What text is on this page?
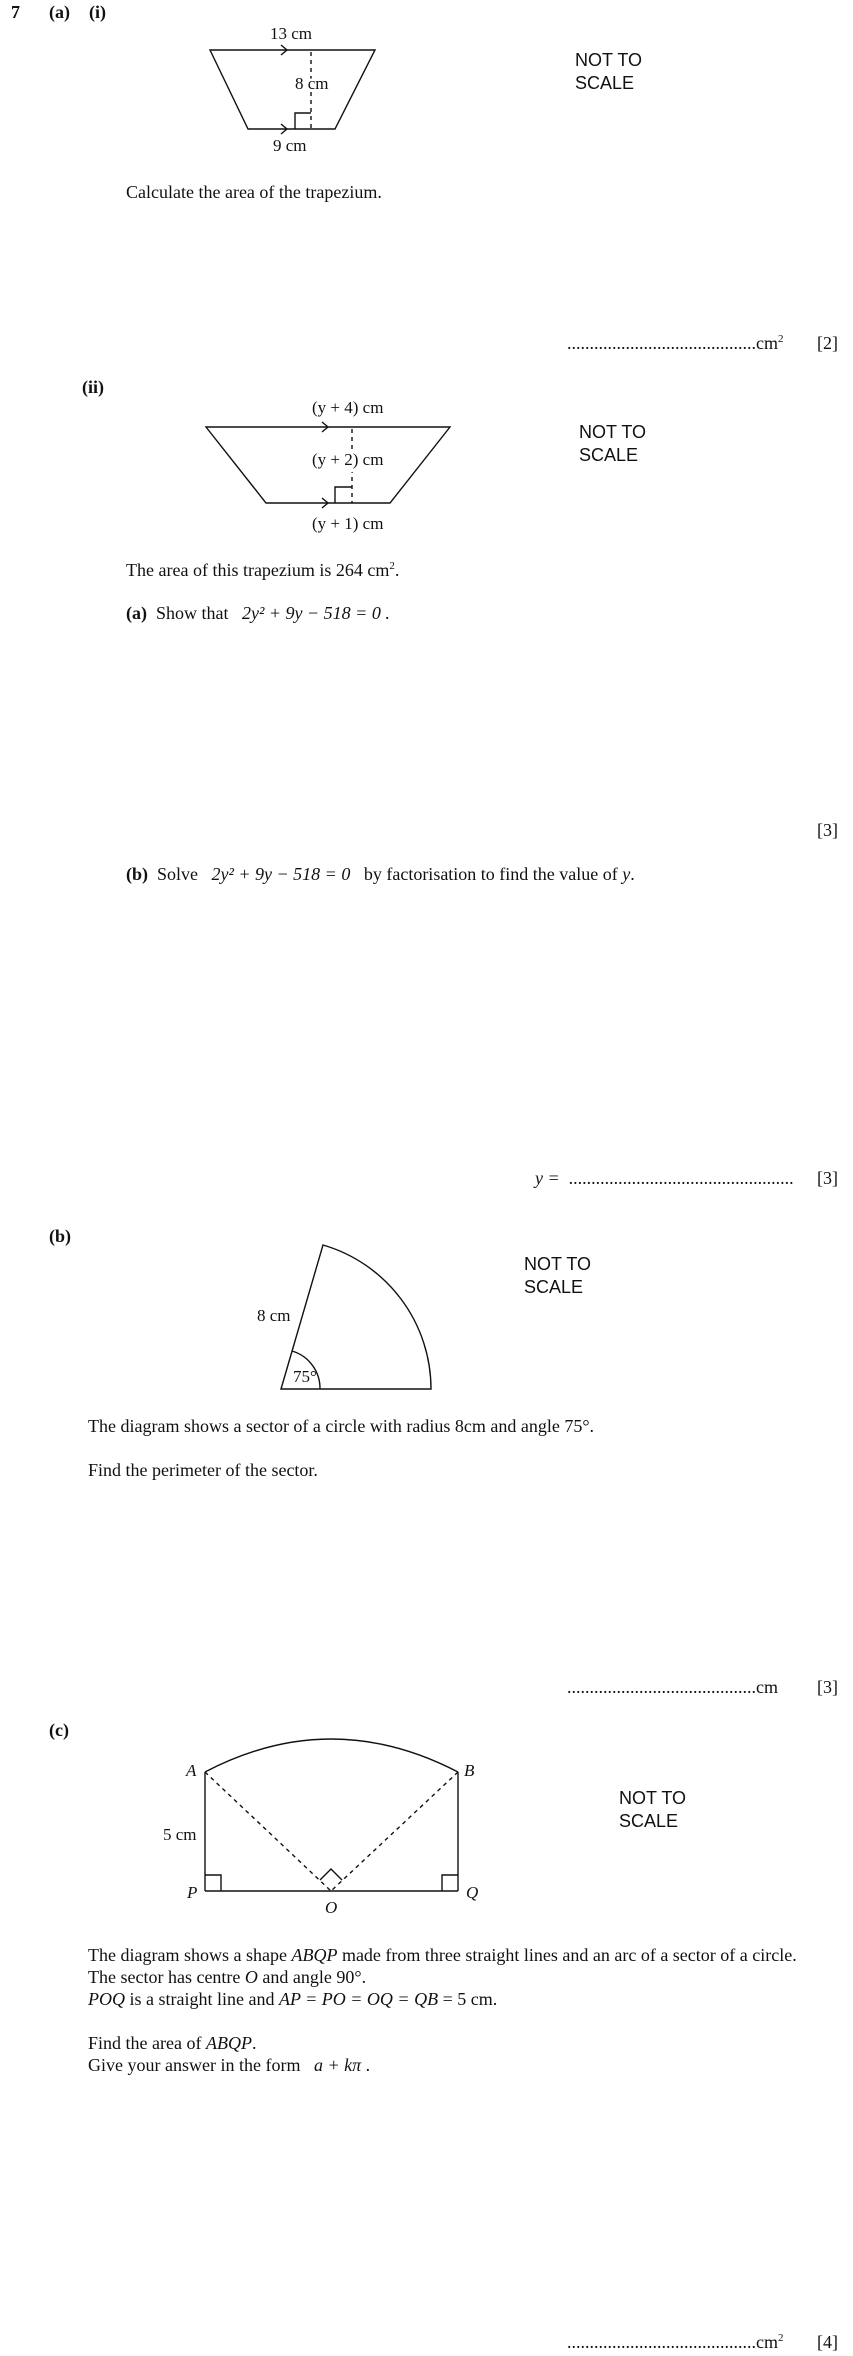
7 (a) (i)
13 cm
8 cm
9 cm
NOT TO
SCALE
Calculate the area of the trapezium.
$..........................................cm^2$ [2]
(ii)
(y + 4) cm
(y + 2) cm
(y + 1) cm
NOT TO
SCALE
The area of this trapezium is 264 $cm^2$.
(a) Show that 2y² + 9y − 518 = 0 .
[3]
(b) Solve 2y² + 9y − 518 = 0 by factorisation to find the value of y.
y = .................................................. [3]
(b)
8 cm
75°
NOT TO
SCALE
The diagram shows a sector of a circle with radius 8cm and angle 75°.
Find the perimeter of the sector.
..........................................cm [3]
(c)
A	B
P	Q
O
5 cm
NOT TO
SCALE
The diagram shows a shape ABQP made from three straight lines and an arc of a sector of a circle.
The sector has centre O and angle 90°.
POQ is a straight line and AP = PO = OQ = QB = 5 cm.
Find the area of ABQP.
Give your answer in the form a + kπ .
$..........................................cm^2$ [4]
